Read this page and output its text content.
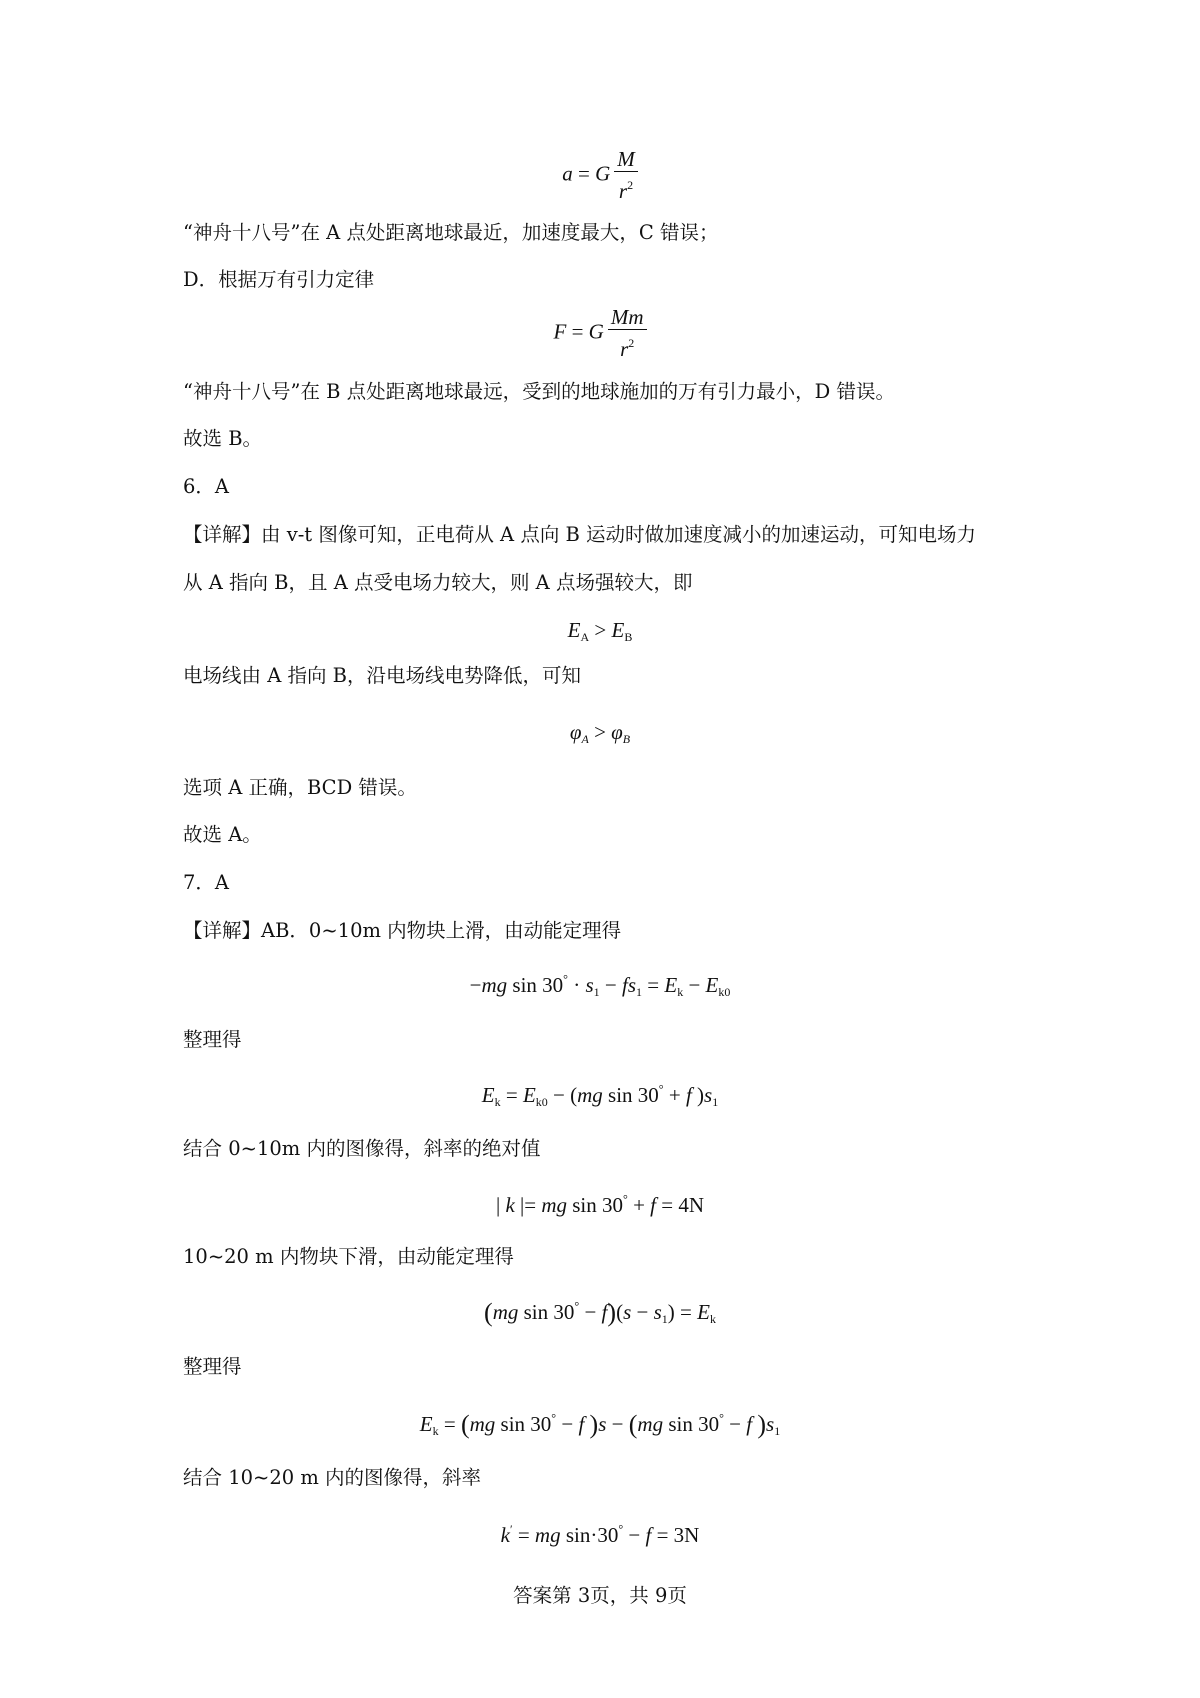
a = G $\frac{M}{r^2}$
“神舟十八号”在 A 点处距离地球最近，加速度最大，C 错误；
D．根据万有引力定律
F = G $\frac{Mm}{r^2}$
“神舟十八号”在 B 点处距离地球最远，受到的地球施加的万有引力最小，D 错误。
故选 B。
6．A
【详解】由 v-t 图像可知，正电荷从 A 点向 B 运动时做加速度减小的加速运动，可知电场力
从 A 指向 B，且 A 点受电场力较大，则 A 点场强较大，即
$E_A > E_B$
电场线由 A 指向 B，沿电场线电势降低，可知
$\varphi_A > \varphi_B$
选项 A 正确，BCD 错误。
故选 A。
7．A
【详解】AB．0~10m 内物块上滑，由动能定理得
−mg $\sin 30^\circ \cdot s_1 - fs_1 = E_k - E_{k0}$
整理得
$E_k = E_{k0} - (mg$ sin 30° + f )$s_1$
结合 0~10m 内的图像得，斜率的绝对值
| k |= mg sin 30° + f = 4N
10~20 m 内物块下滑，由动能定理得
(mg $\sin 30^\circ - f)(s - s_1) = E_k$
整理得
$E_k = (mg$ sin 30° − f )s − (mg sin 30° − f )$s_1$
结合 10~20 m 内的图像得，斜率
k′ = mg sin·30° − f = 3N
答案第 3页，共 9页
